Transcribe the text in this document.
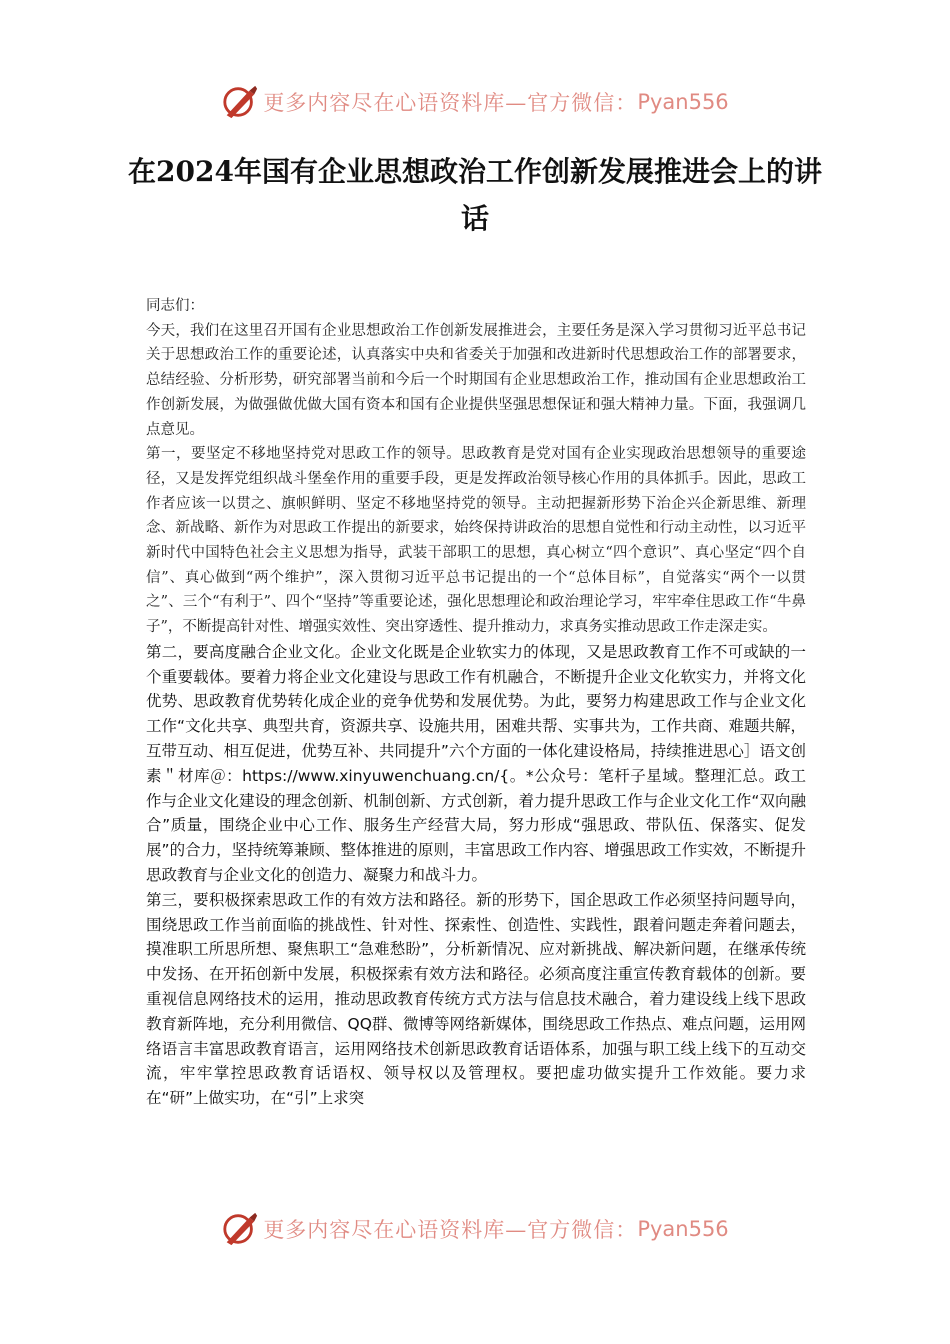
更多内容尽在心语资料库—官方微信： Pyan556
在2024年国有企业思想政治工作创新发展推进会上的讲话

同志们：

今天，我们在这里召开国有企业思想政治工作创新发展推进会，主要任务是深入学习贯彻习近平总书记关于思想政治工作的重要论述，认真落实中央和省委关于加强和改进新时代思想政治工作的部署要求，总结经验、分析形势，研究部署当前和今后一个时期国有企业思想政治工作，推动国有企业思想政治工作创新发展，为做强做优做大国有资本和国有企业提供坚强思想保证和强大精神力量。下面，我强调几点意见。

第一，要坚定不移地坚持党对思政工作的领导。思政教育是党对国有企业实现政治思想领导的重要途径，又是发挥党组织战斗堡垒作用的重要手段，更是发挥政治领导核心作用的具体抓手。因此，思政工作者应该一以贯之、旗帜鲜明、坚定不移地坚持党的领导。主动把握新形势下治企兴企新思维、新理念、新战略、新作为对思政工作提出的新要求，始终保持讲政治的思想自觉性和行动主动性，以习近平新时代中国特色社会主义思想为指导，武装干部职工的思想，真心树立“四个意识”、真心坚定“四个自信”、真心做到“两个维护”，深入贯彻习近平总书记提出的一个“总体目标”，自觉落实“两个一以贯之”、三个“有利于”、四个“坚持”等重要论述，强化思想理论和政治理论学习，牢牢牵住思政工作“牛鼻子”，不断提高针对性、增强实效性、突出穿透性、提升推动力，求真务实推动思政工作走深走实。

第二，要高度融合企业文化。企业文化既是企业软实力的体现，又是思政教育工作不可或缺的一个重要载体。要着力将企业文化建设与思政工作有机融合，不断提升企业文化软实力，并将文化优势、思政教育优势转化成企业的竞争优势和发展优势。为此，要努力构建思政工作与企业文化工作“文化共享、典型共育，资源共享、设施共用，困难共帮、实事共为，工作共商、难题共解，互带互动、相互促进，优势互补、共同提升”六个方面的一体化建设格局，持续推进思心］语文创素＂材库＠：https://www.xinyuwenchuang.cn/{。*公众号：笔杆子星域。整理汇总。政工作与企业文化建设的理念创新、机制创新、方式创新，着力提升思政工作与企业文化工作“双向融合”质量，围绕企业中心工作、服务生产经营大局，努力形成“强思政、带队伍、保落实、促发展”的合力，坚持统筹兼顾、整体推进的原则，丰富思政工作内容、增强思政工作实效，不断提升思政教育与企业文化的创造力、凝聚力和战斗力。

第三，要积极探索思政工作的有效方法和路径。新的形势下，国企思政工作必须坚持问题导向，围绕思政工作当前面临的挑战性、针对性、探索性、创造性、实践性，跟着问题走奔着问题去，摸准职工所思所想、聚焦职工“急难愁盼”，分析新情况、应对新挑战、解决新问题，在继承传统中发扬、在开拓创新中发展，积极探索有效方法和路径。必须高度注重宣传教育载体的创新。要重视信息网络技术的运用，推动思政教育传统方式方法与信息技术融合，着力建设线上线下思政教育新阵地，充分利用微信、QQ群、微博等网络新媒体，围绕思政工作热点、难点问题，运用网络语言丰富思政教育语言，运用网络技术创新思政教育话语体系，加强与职工线上线下的互动交流，牢牢掌控思政教育话语权、领导权以及管理权。要把虚功做实提升工作效能。要力求在“研”上做实功，在“引”上求突

更多内容尽在心语资料库—官方微信： Pyan556
